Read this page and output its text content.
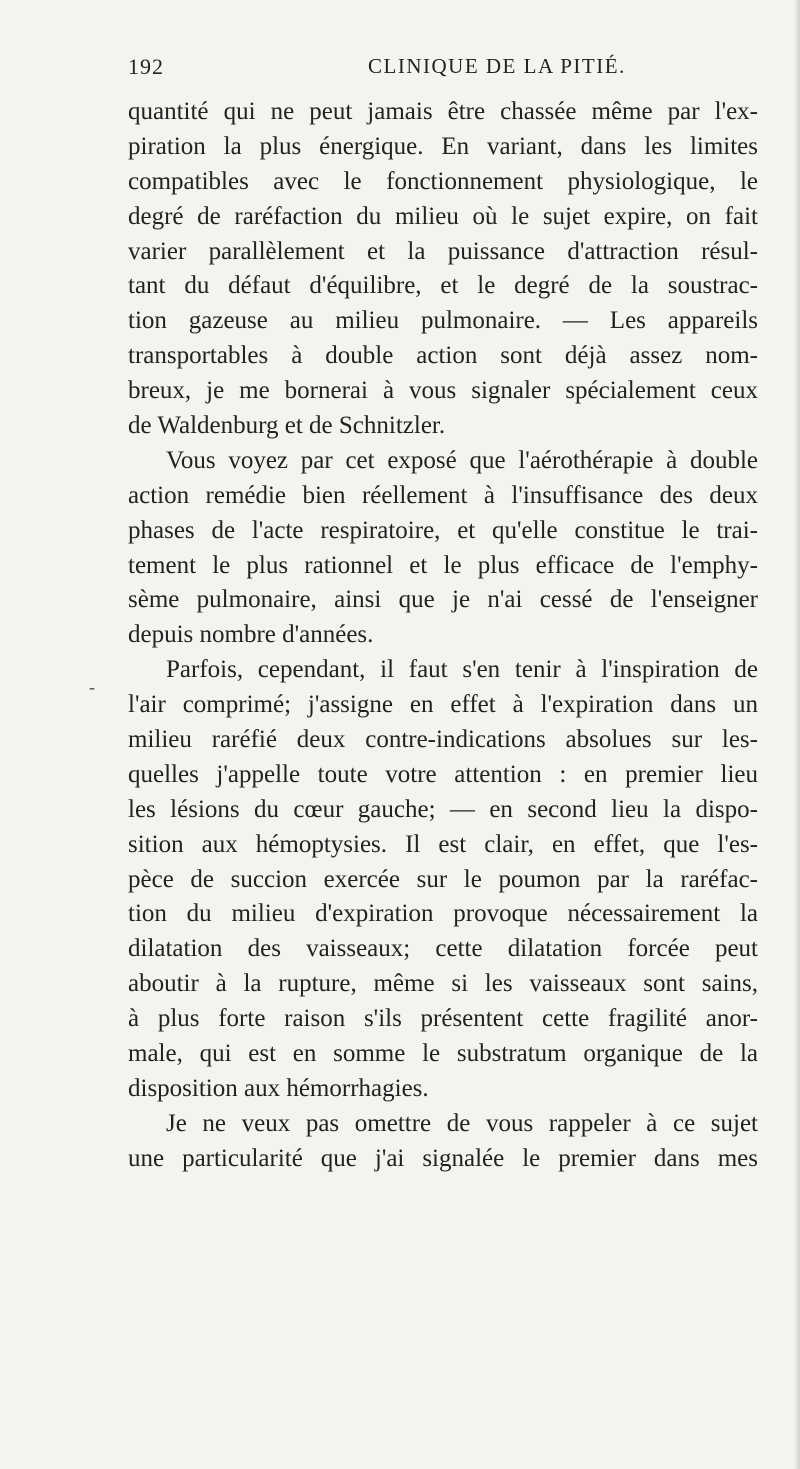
192	CLINIQUE DE LA PITIÉ.
-
quantité qui ne peut jamais être chassée même par l'ex-
piration la plus énergique. En variant, dans les limites
compatibles avec le fonctionnement physiologique, le
degré de raréfaction du milieu où le sujet expire, on fait
varier parallèlement et la puissance d'attraction résul-
tant du défaut d'équilibre, et le degré de la soustrac-
tion gazeuse au milieu pulmonaire. — Les appareils
transportables à double action sont déjà assez nom-
breux, je me bornerai à vous signaler spécialement ceux
de Waldenburg et de Schnitzler.
Vous voyez par cet exposé que l'aérothérapie à double
action remédie bien réellement à l'insuffisance des deux
phases de l'acte respiratoire, et qu'elle constitue le trai-
tement le plus rationnel et le plus efficace de l'emphy-
sème pulmonaire, ainsi que je n'ai cessé de l'enseigner
depuis nombre d'années.
Parfois, cependant, il faut s'en tenir à l'inspiration de
l'air comprimé; j'assigne en effet à l'expiration dans un
milieu raréfié deux contre-indications absolues sur les-
quelles j'appelle toute votre attention : en premier lieu
les lésions du cœur gauche; — en second lieu la dispo-
sition aux hémoptysies. Il est clair, en effet, que l'es-
pèce de succion exercée sur le poumon par la raréfac-
tion du milieu d'expiration provoque nécessairement la
dilatation des vaisseaux; cette dilatation forcée peut
aboutir à la rupture, même si les vaisseaux sont sains,
à plus forte raison s'ils présentent cette fragilité anor-
male, qui est en somme le substratum organique de la
disposition aux hémorrhagies.
Je ne veux pas omettre de vous rappeler à ce sujet
une particularité que j'ai signalée le premier dans mes
